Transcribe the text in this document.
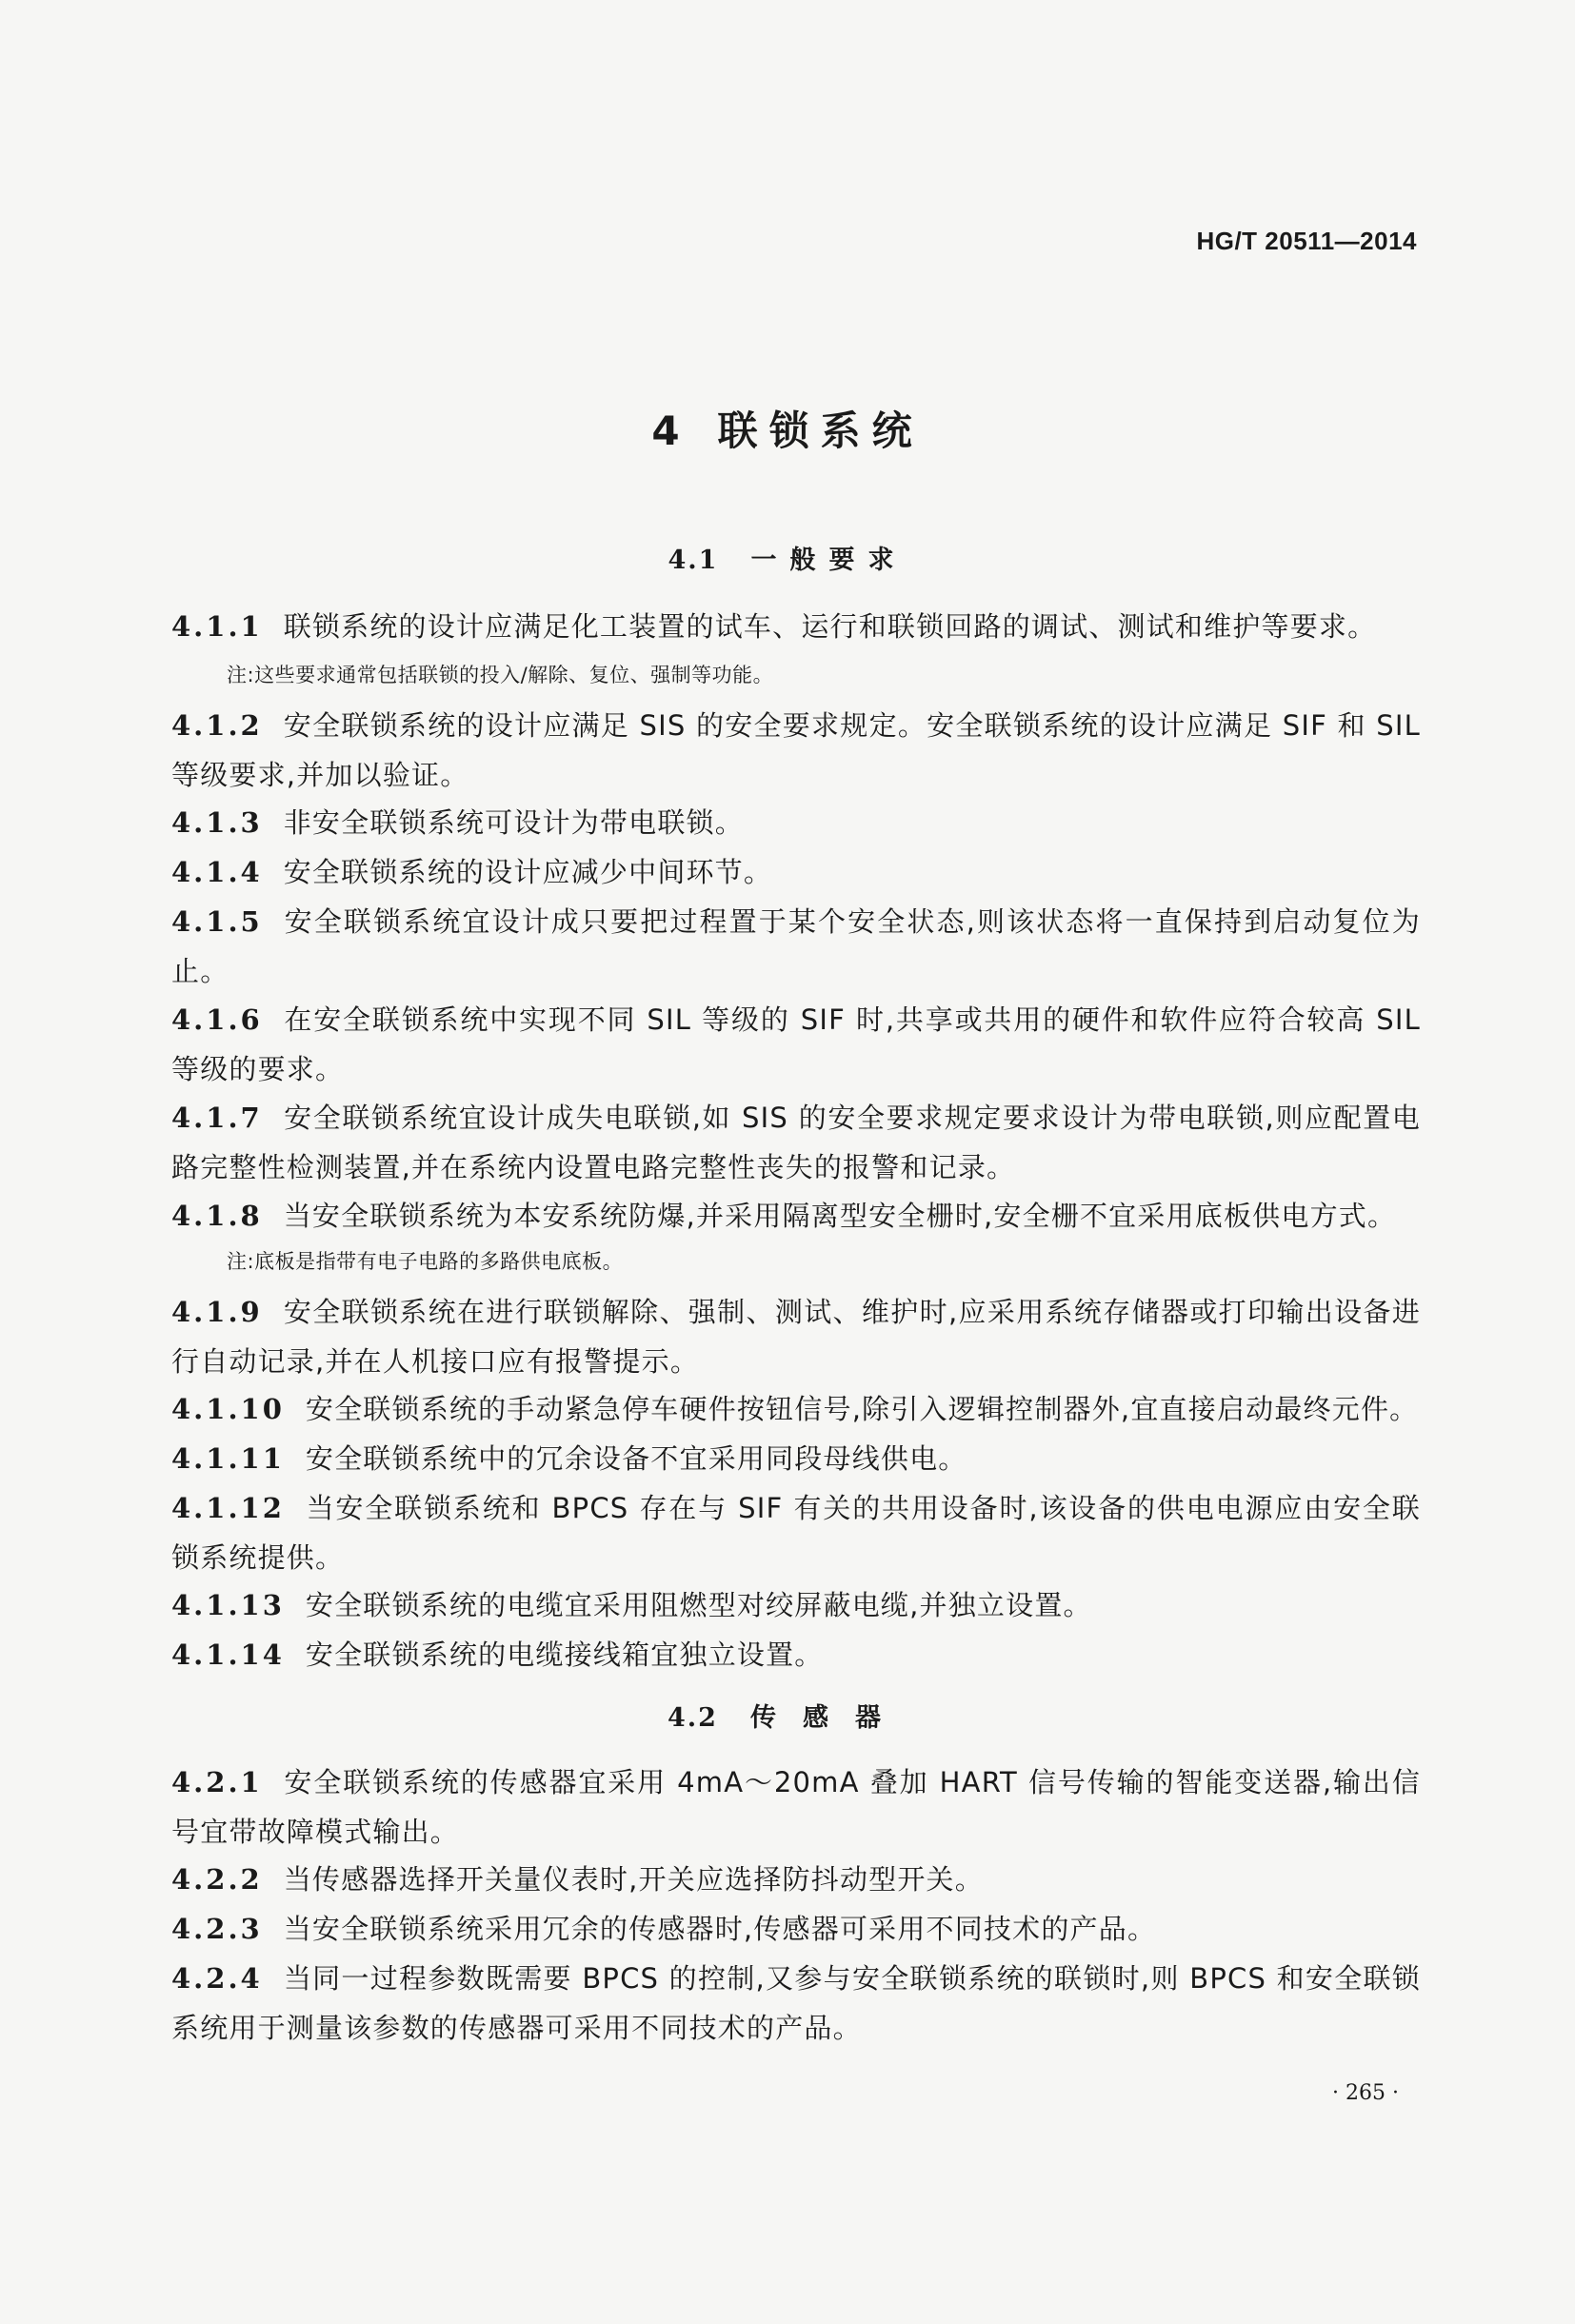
HG/T 20511—2014
4 联锁系统
4.1 一般要求
4.1.1 联锁系统的设计应满足化工装置的试车、运行和联锁回路的调试、测试和维护等要求。
注:这些要求通常包括联锁的投入/解除、复位、强制等功能。
4.1.2 安全联锁系统的设计应满足 SIS 的安全要求规定。安全联锁系统的设计应满足 SIF 和 SIL 等级要求,并加以验证。
4.1.3 非安全联锁系统可设计为带电联锁。
4.1.4 安全联锁系统的设计应减少中间环节。
4.1.5 安全联锁系统宜设计成只要把过程置于某个安全状态,则该状态将一直保持到启动复位为止。
4.1.6 在安全联锁系统中实现不同 SIL 等级的 SIF 时,共享或共用的硬件和软件应符合较高 SIL 等级的要求。
4.1.7 安全联锁系统宜设计成失电联锁,如 SIS 的安全要求规定要求设计为带电联锁,则应配置电路完整性检测装置,并在系统内设置电路完整性丧失的报警和记录。
4.1.8 当安全联锁系统为本安系统防爆,并采用隔离型安全栅时,安全栅不宜采用底板供电方式。
注:底板是指带有电子电路的多路供电底板。
4.1.9 安全联锁系统在进行联锁解除、强制、测试、维护时,应采用系统存储器或打印输出设备进行自动记录,并在人机接口应有报警提示。
4.1.10 安全联锁系统的手动紧急停车硬件按钮信号,除引入逻辑控制器外,宜直接启动最终元件。
4.1.11 安全联锁系统中的冗余设备不宜采用同段母线供电。
4.1.12 当安全联锁系统和 BPCS 存在与 SIF 有关的共用设备时,该设备的供电电源应由安全联锁系统提供。
4.1.13 安全联锁系统的电缆宜采用阻燃型对绞屏蔽电缆,并独立设置。
4.1.14 安全联锁系统的电缆接线箱宜独立设置。
4.2 传感器
4.2.1 安全联锁系统的传感器宜采用 4mA～20mA 叠加 HART 信号传输的智能变送器,输出信号宜带故障模式输出。
4.2.2 当传感器选择开关量仪表时,开关应选择防抖动型开关。
4.2.3 当安全联锁系统采用冗余的传感器时,传感器可采用不同技术的产品。
4.2.4 当同一过程参数既需要 BPCS 的控制,又参与安全联锁系统的联锁时,则 BPCS 和安全联锁系统用于测量该参数的传感器可采用不同技术的产品。
· 265 ·
